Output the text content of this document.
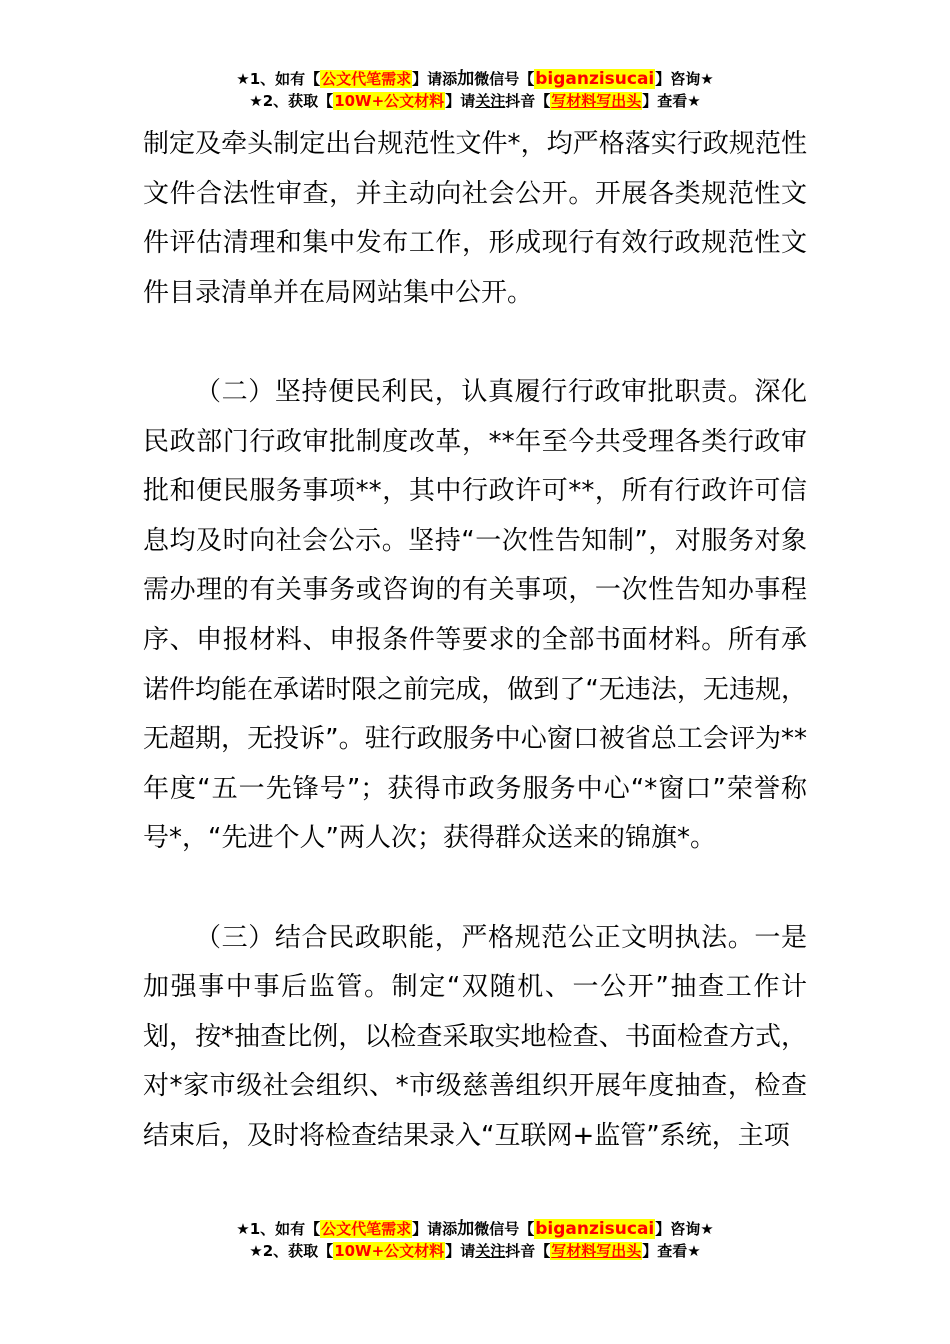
★1、如有【公文代笔需求】请添加微信号【biganzisucai】咨询★
★2、获取【10W+公文材料】请关注抖音【写材料写出头】查看★

制定及牵头制定出台规范性文件*，均严格落实行政规范性文件合法性审查，并主动向社会公开。开展各类规范性文件评估清理和集中发布工作，形成现行有效行政规范性文件目录清单并在局网站集中公开。

（二）坚持便民利民，认真履行行政审批职责。深化民政部门行政审批制度改革，**年至今共受理各类行政审批和便民服务事项**，其中行政许可**，所有行政许可信息均及时向社会公示。坚持“一次性告知制”，对服务对象需办理的有关事务或咨询的有关事项，一次性告知办事程序、申报材料、申报条件等要求的全部书面材料。所有承诺件均能在承诺时限之前完成，做到了“无违法，无违规，无超期，无投诉”。驻行政服务中心窗口被省总工会评为**年度“五一先锋号”；获得市政务服务中心“*窗口”荣誉称号*，“先进个人”两人次；获得群众送来的锦旗*。

（三）结合民政职能，严格规范公正文明执法。一是加强事中事后监管。制定“双随机、一公开”抽查工作计划，按*抽查比例，以检查采取实地检查、书面检查方式，对*家市级社会组织、*市级慈善组织开展年度抽查，检查结束后，及时将检查结果录入“互联网+监管”系统，主项

★1、如有【公文代笔需求】请添加微信号【biganzisucai】咨询★
★2、获取【10W+公文材料】请关注抖音【写材料写出头】查看★
